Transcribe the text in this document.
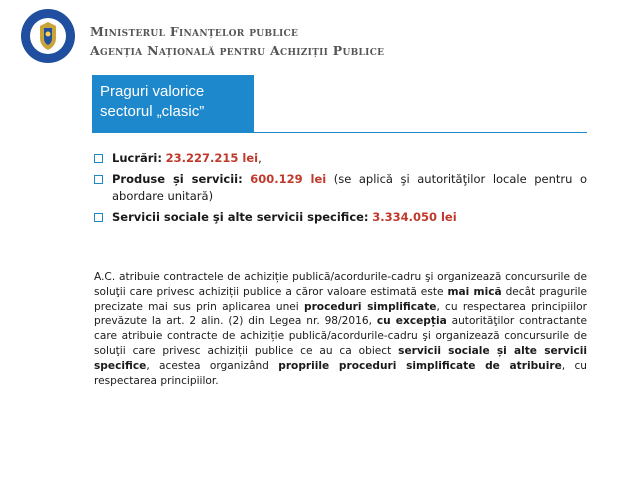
Ministerul Finanțelor publice
Agenția Națională pentru Achiziții Publice
Praguri valorice
sectorul „clasic”
Lucrări: 23.227.215 lei,
Produse și servicii: 600.129 lei (se aplică şi autorităţilor locale pentru o abordare unitară)
Servicii sociale şi alte servicii specifice: 3.334.050 lei
A.C. atribuie contractele de achiziție publică/acordurile-cadru şi organizează concursurile de soluţii care privesc achiziții publice a căror valoare estimată este mai mică decât pragurile precizate mai sus prin aplicarea unei proceduri simplificate, cu respectarea principiilor prevăzute la art. 2 alin. (2) din Legea nr. 98/2016, cu excepția autorităţilor contractante care atribuie contracte de achiziție publică/acordurile-cadru şi organizează concursurile de soluţii care privesc achiziții publice ce au ca obiect servicii sociale și alte servicii specifice, acestea organizând propriile proceduri simplificate de atribuire, cu respectarea principiilor.
